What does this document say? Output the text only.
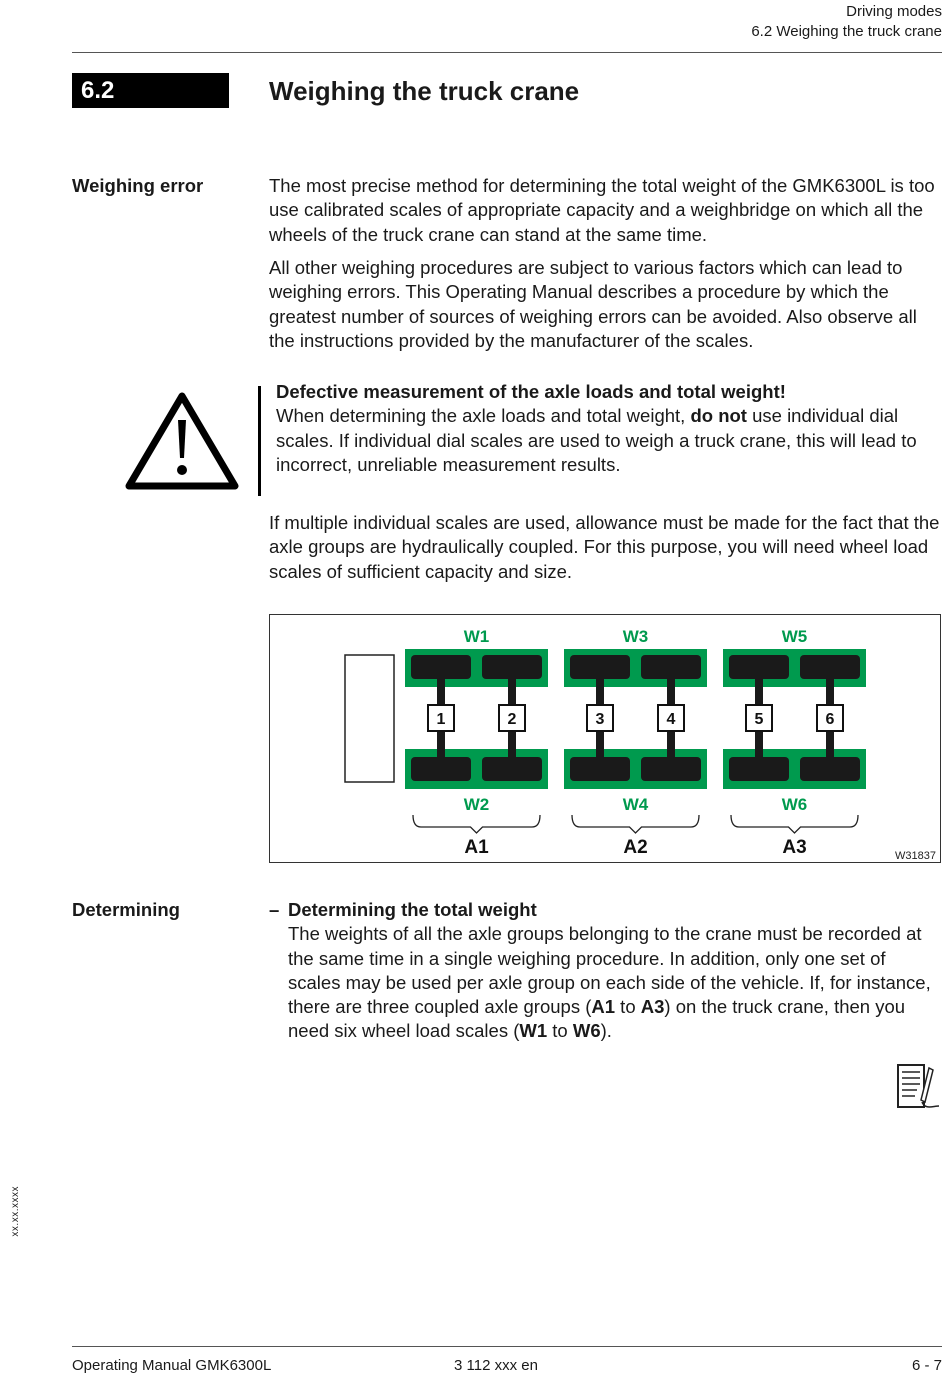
Driving modes
6.2 Weighing the truck crane
6.2	Weighing the truck crane
Weighing error	The most precise method for determining the total weight of the GMK6300L is too use calibrated scales of appropriate capacity and a weighbridge on which all the wheels of the truck crane can stand at the same time.
All other weighing procedures are subject to various factors which can lead to weighing errors. This Operating Manual describes a procedure by which the greatest number of sources of weighing errors can be avoided. Also observe all the instructions provided by the manufacturer of the scales.
Defective measurement of the axle loads and total weight!
When determining the axle loads and total weight, do not use individual dial scales. If individual dial scales are used to weigh a truck crane, this will lead to incorrect, unreliable measurement results.
If multiple individual scales are used, allowance must be made for the fact that the axle groups are hydraulically coupled. For this purpose, you will need wheel load scales of sufficient capacity and size.
W1
W2
1	2
A1
W3
W4
3	4
A2
W5
W6
5	6
A3	W31837
Determining	– Determining the total weight
The weights of all the axle groups belonging to the crane must be recorded at the same time in a single weighing procedure. In addition, only one set of scales may be used per axle group on each side of the vehicle. If, for instance, there are three coupled axle groups (A1 to A3) on the truck crane, then you need six wheel load scales (W1 to W6).
xx.xx.xxxx
Operating Manual GMK6300L	3 112 xxx en	6 - 7
